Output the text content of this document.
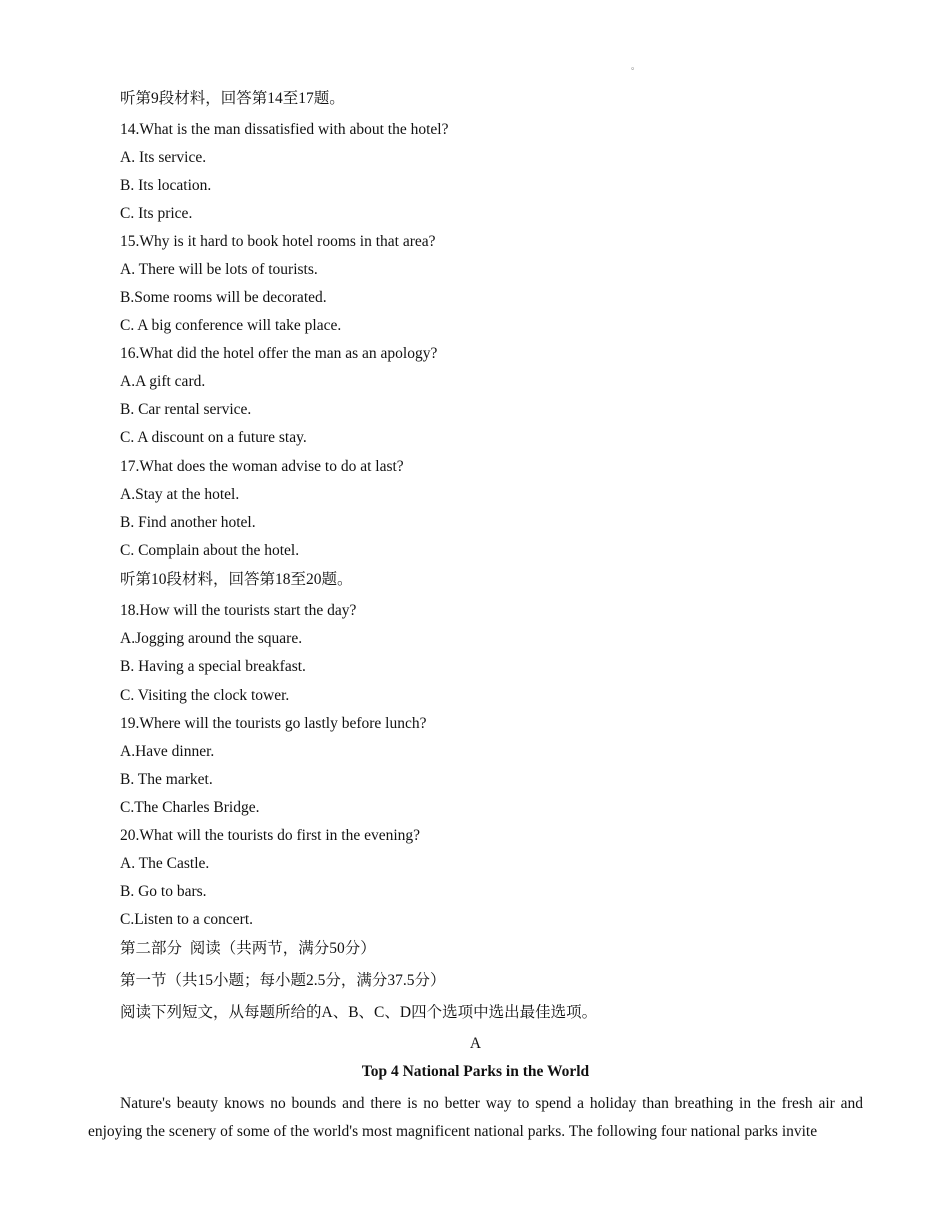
。
听第9段材料，回答第14至17题。
14.What is the man dissatisfied with about the hotel?
A. Its service.
B. Its location.
C. Its price.
15.Why is it hard to book hotel rooms in that area?
A. There will be lots of tourists.
B.Some rooms will be decorated.
C. A big conference will take place.
16.What did the hotel offer the man as an apology?
A.A gift card.
B. Car rental service.
C. A discount on a future stay.
17.What does the woman advise to do at last?
A.Stay at the hotel.
B. Find another hotel.
C. Complain about the hotel.
听第10段材料，回答第18至20题。
18.How will the tourists start the day?
A.Jogging around the square.
B. Having a special breakfast.
C. Visiting the clock tower.
19.Where will the tourists go lastly before lunch?
A.Have dinner.
B. The market.
C.The Charles Bridge.
20.What will the tourists do first in the evening?
A. The Castle.
B. Go to bars.
C.Listen to a concert.
第二部分  阅读（共两节，满分50分）
第一节（共15小题；每小题2.5分，满分37.5分）
阅读下列短文，从每题所给的A、B、C、D四个选项中选出最佳选项。
A
Top 4 National Parks in the World
Nature's beauty knows no bounds and there is no better way to spend a holiday than breathing in the fresh air and enjoying the scenery of some of the world's most magnificent national parks. The following four national parks invite
